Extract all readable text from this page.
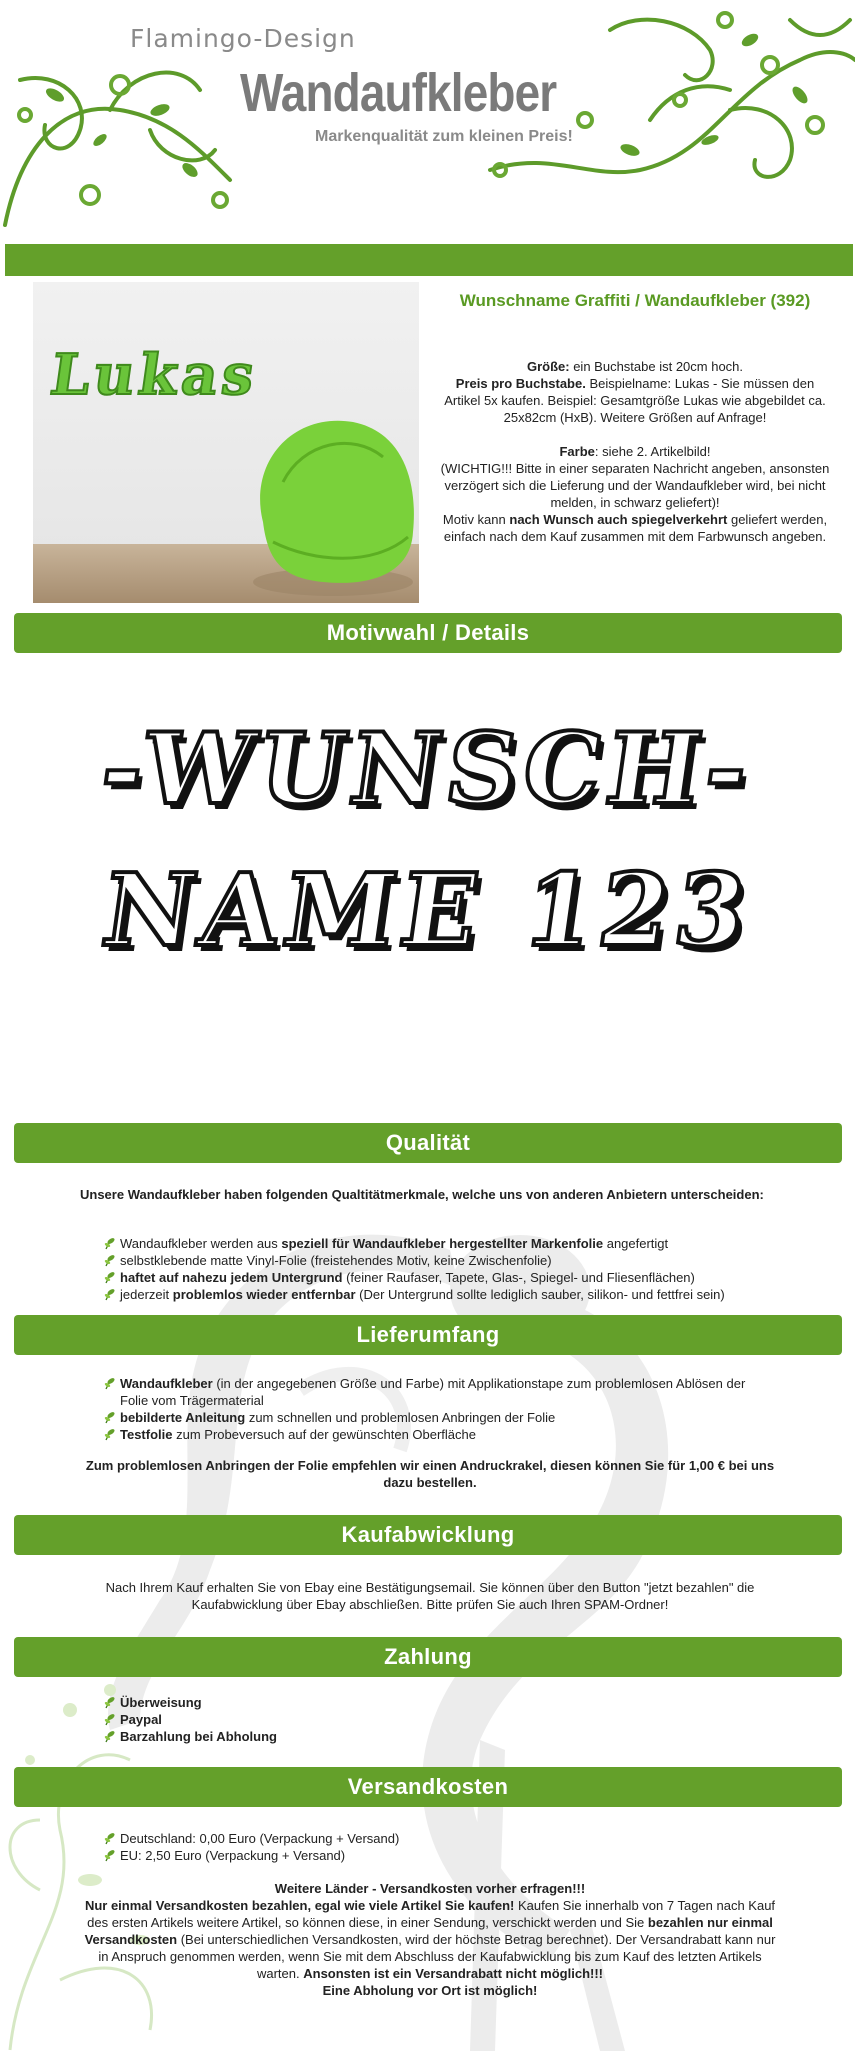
Flamingo-Design
Wandaufkleber
Markenqualität zum kleinen Preis!
Lukas
Wunschname Graffiti / Wandaufkleber (392)
Größe: ein Buchstabe ist 20cm hoch.
Preis pro Buchstabe. Beispielname: Lukas - Sie müssen den Artikel 5x kaufen. Beispiel: Gesamtgröße Lukas wie abgebildet ca. 25x82cm (HxB). Weitere Größen auf Anfrage!
Farbe: siehe 2. Artikelbild!
(WICHTIG!!! Bitte in einer separaten Nachricht angeben, ansonsten verzögert sich die Lieferung und der Wandaufkleber wird, bei nicht melden, in schwarz geliefert)!
Motiv kann nach Wunsch auch spiegelverkehrt geliefert werden, einfach nach dem Kauf zusammen mit dem Farbwunsch angeben.
Motivwahl / Details
-WUNSCH-
NAME 123
Qualität
Unsere Wandaufkleber haben folgenden Qualtitätmerkmale, welche uns von anderen Anbietern unterscheiden:
Wandaufkleber werden aus speziell für Wandaufkleber hergestellter Markenfolie angefertigt
selbstklebende matte Vinyl-Folie (freistehendes Motiv, keine Zwischenfolie)
haftet auf nahezu jedem Untergrund (feiner Raufaser, Tapete, Glas-, Spiegel- und Fliesenflächen)
jederzeit problemlos wieder entfernbar (Der Untergrund sollte lediglich sauber, silikon- und fettfrei sein)
Lieferumfang
Wandaufkleber (in der angegebenen Größe und Farbe) mit Applikationstape zum problemlosen Ablösen der Folie vom Trägermaterial
bebilderte Anleitung zum schnellen und problemlosen Anbringen der Folie
Testfolie zum Probeversuch auf der gewünschten Oberfläche
Zum problemlosen Anbringen der Folie empfehlen wir einen Andruckrakel, diesen können Sie für 1,00 € bei uns dazu bestellen.
Kaufabwicklung
Nach Ihrem Kauf erhalten Sie von Ebay eine Bestätigungsemail. Sie können über den Button "jetzt bezahlen" die Kaufabwicklung über Ebay abschließen. Bitte prüfen Sie auch Ihren SPAM-Ordner!
Zahlung
Überweisung
Paypal
Barzahlung bei Abholung
Versandkosten
Deutschland: 0,00 Euro (Verpackung + Versand)
EU: 2,50 Euro (Verpackung + Versand)
Weitere Länder - Versandkosten vorher erfragen!!!
Nur einmal Versandkosten bezahlen, egal wie viele Artikel Sie kaufen! Kaufen Sie innerhalb von 7 Tagen nach Kauf des ersten Artikels weitere Artikel, so können diese, in einer Sendung, verschickt werden und Sie bezahlen nur einmal Versandkosten (Bei unterschiedlichen Versandkosten, wird der höchste Betrag berechnet). Der Versandrabatt kann nur in Anspruch genommen werden, wenn Sie mit dem Abschluss der Kaufabwicklung bis zum Kauf des letzten Artikels warten. Ansonsten ist ein Versandrabatt nicht möglich!!!
Eine Abholung vor Ort ist möglich!
